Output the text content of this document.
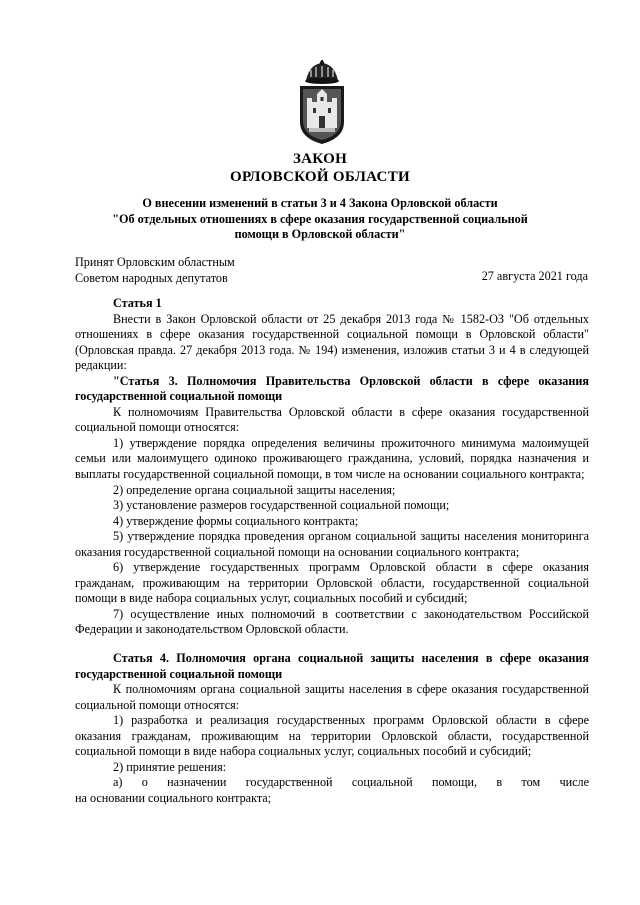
ЗАКОН
ОРЛОВСКОЙ ОБЛАСТИ
О внесении изменений в статьи 3 и 4 Закона Орловской области
"Об отдельных отношениях в сфере оказания государственной социальной
помощи в Орловской области"
Принят Орловским областным
Советом народных депутатов	27 августа 2021 года

Статья 1

Внести в Закон Орловской области от 25 декабря 2013 года № 1582-ОЗ "Об отдельных отношениях в сфере оказания государственной социальной помощи в Орловской области" (Орловская правда. 27 декабря 2013 года. № 194) изменения, изложив статьи 3 и 4 в следующей редакции:

"Статья 3. Полномочия Правительства Орловской области в сфере оказания государственной социальной помощи

К полномочиям Правительства Орловской области в сфере оказания государственной социальной помощи относятся:

1) утверждение порядка определения величины прожиточного минимума малоимущей семьи или малоимущего одиноко проживающего гражданина, условий, порядка назначения и выплаты государственной социальной помощи, в том числе на основании социального контракта;

2) определение органа социальной защиты населения;

3) установление размеров государственной социальной помощи;

4) утверждение формы социального контракта;

5) утверждение порядка проведения органом социальной защиты населения мониторинга оказания государственной социальной помощи на основании социального контракта;

6) утверждение государственных программ Орловской области в сфере оказания гражданам, проживающим на территории Орловской области, государственной социальной помощи в виде набора социальных услуг, социальных пособий и субсидий;

7) осуществление иных полномочий в соответствии с законодательством Российской Федерации и законодательством Орловской области.

Статья 4. Полномочия органа социальной защиты населения в сфере оказания государственной социальной помощи

К полномочиям органа социальной защиты населения в сфере оказания государственной социальной помощи относятся:

1) разработка и реализация государственных программ Орловской области в сфере оказания гражданам, проживающим на территории Орловской области, государственной социальной помощи в виде набора социальных услуг, социальных пособий и субсидий;

2) принятие решения:

а) о назначении государственной социальной помощи, в том числе

на основании социального контракта;
